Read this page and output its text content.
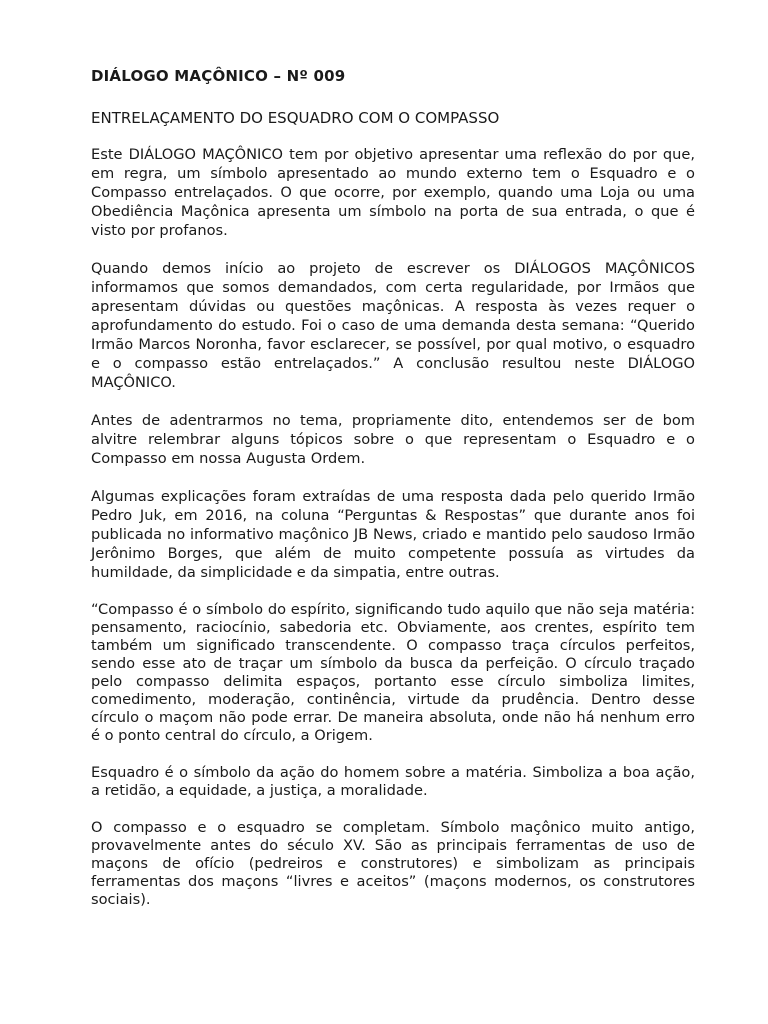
DIÁLOGO MAÇÔNICO – Nº 009
ENTRELAÇAMENTO DO ESQUADRO COM O COMPASSO

Este DIÁLOGO MAÇÔNICO tem por objetivo apresentar uma reflexão do por que, em regra, um símbolo apresentado ao mundo externo tem o Esquadro e o Compasso entrelaçados. O que ocorre, por exemplo, quando uma Loja ou uma Obediência Maçônica apresenta um símbolo na porta de sua entrada, o que é visto por profanos.

Quando demos início ao projeto de escrever os DIÁLOGOS MAÇÔNICOS informamos que somos demandados, com certa regularidade, por Irmãos que apresentam dúvidas ou questões maçônicas. A resposta às vezes requer o aprofundamento do estudo. Foi o caso de uma demanda desta semana: “Querido Irmão Marcos Noronha, favor esclarecer, se possível, por qual motivo, o esquadro e o compasso estão entrelaçados.” A conclusão resultou neste DIÁLOGO MAÇÔNICO.

Antes de adentrarmos no tema, propriamente dito, entendemos ser de bom alvitre relembrar alguns tópicos sobre o que representam o Esquadro e o Compasso em nossa Augusta Ordem.

Algumas explicações foram extraídas de uma resposta dada pelo querido Irmão Pedro Juk, em 2016, na coluna “Perguntas & Respostas” que durante anos foi publicada no informativo maçônico JB News, criado e mantido pelo saudoso Irmão Jerônimo Borges, que além de muito competente possuía as virtudes da humildade, da simplicidade e da simpatia, entre outras.

“Compasso é o símbolo do espírito, significando tudo aquilo que não seja matéria: pensamento, raciocínio, sabedoria etc. Obviamente, aos crentes, espírito tem também um significado transcendente. O compasso traça círculos perfeitos, sendo esse ato de traçar um símbolo da busca da perfeição. O círculo traçado pelo compasso delimita espaços, portanto esse círculo simboliza limites, comedimento, moderação, continência, virtude da prudência. Dentro desse círculo o maçom não pode errar. De maneira absoluta, onde não há nenhum erro é o ponto central do círculo, a Origem.

Esquadro é o símbolo da ação do homem sobre a matéria. Simboliza a boa ação, a retidão, a equidade, a justiça, a moralidade.

O compasso e o esquadro se completam. Símbolo maçônico muito antigo, provavelmente antes do século XV. São as principais ferramentas de uso de maçons de ofício (pedreiros e construtores) e simbolizam as principais ferramentas dos maçons “livres e aceitos” (maçons modernos, os construtores sociais).
